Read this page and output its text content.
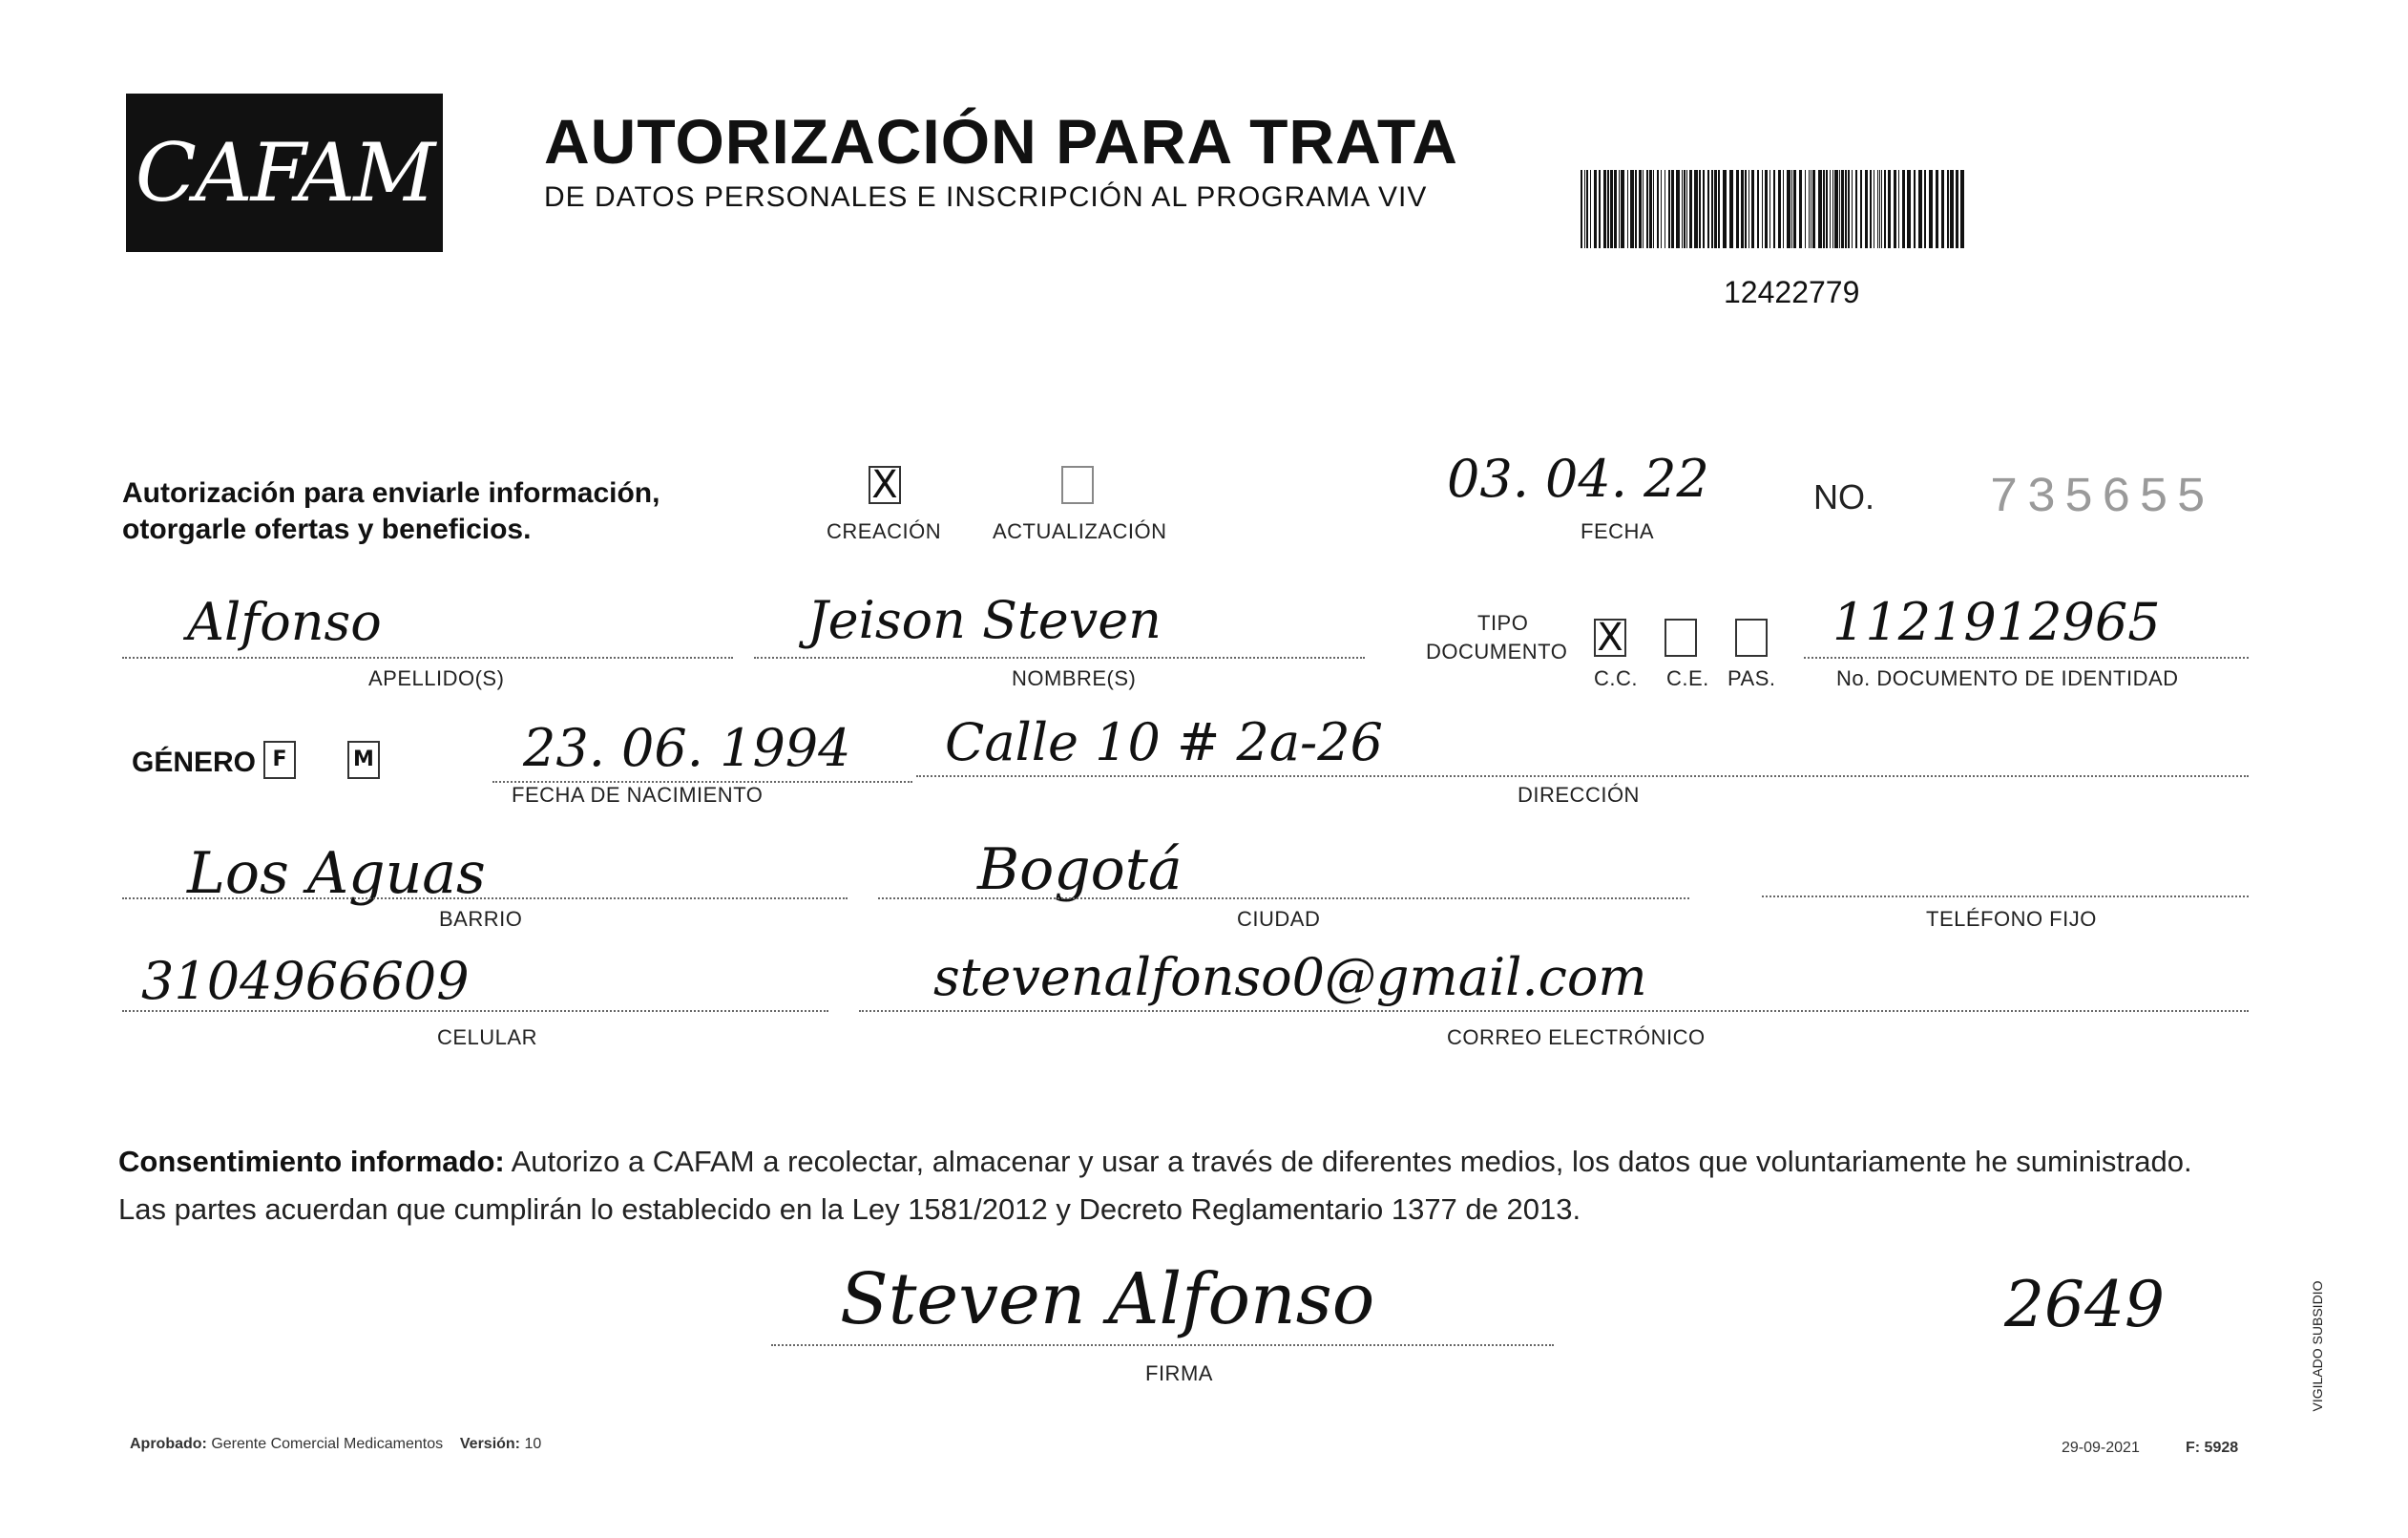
CAFAM AUTORIZACIÓN PARA TRATA
DE DATOS PERSONALES E INSCRIPCIÓN AL PROGRAMA VIV
12422779
Autorización para enviarle información,
otorgarle ofertas y beneficios.
X
CREACIÓN ACTUALIZACIÓN
03. 04. 22
FECHA
NO. 735655
Alfonso
APELLIDO(S)
Jeison Steven
NOMBRE(S)
TIPO
DOCUMENTO X
C.C. C.E. PAS.
1121912965
No. DOCUMENTO DE IDENTIDAD
GÉNERO F	M	23. 06. 1994
FECHA DE NACIMIENTO
Calle 10 # 2a-26
DIRECCIÓN
Los Aguas
BARRIO
Bogotá
CIUDAD	TELÉFONO FIJO
3104966609
CELULAR
stevenalfonso0@gmail.com
CORREO ELECTRÓNICO
Consentimiento informado: Autorizo a CAFAM a recolectar, almacenar y usar a través de diferentes medios, los datos que voluntariamente he suministrado.
Las partes acuerdan que cumplirán lo establecido en la Ley 1581/2012 y Decreto Reglamentario 1377 de 2013.
Steven Alfonso
FIRMA
2649
Aprobado: Gerente Comercial Medicamentos Versión: 10	29-09-2021	F: 5928
VIGILADO SUBSIDIO
